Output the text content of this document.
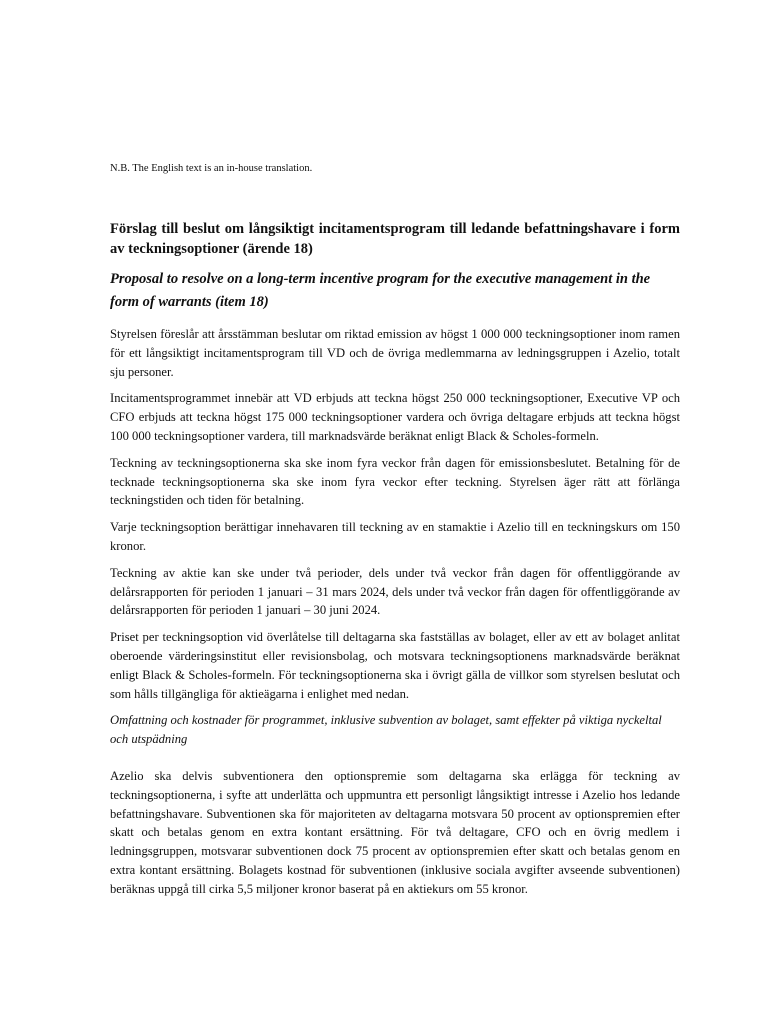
N.B. The English text is an in-house translation.

Förslag till beslut om långsiktigt incitamentsprogram till ledande befattningshavare i form av teckningsoptioner (ärende 18)

Proposal to resolve on a long-term incentive program for the executive management in the form of warrants (item 18)

Styrelsen föreslår att årsstämman beslutar om riktad emission av högst 1 000 000 teckningsoptioner inom ramen för ett långsiktigt incitamentsprogram till VD och de övriga medlemmarna av ledningsgruppen i Azelio, totalt sju personer.

Incitamentsprogrammet innebär att VD erbjuds att teckna högst 250 000 teckningsoptioner, Executive VP och CFO erbjuds att teckna högst 175 000 teckningsoptioner vardera och övriga deltagare erbjuds att teckna högst 100 000 teckningsoptioner vardera, till marknadsvärde beräknat enligt Black & Scholes-formeln.

Teckning av teckningsoptionerna ska ske inom fyra veckor från dagen för emissionsbeslutet. Betalning för de tecknade teckningsoptionerna ska ske inom fyra veckor efter teckning. Styrelsen äger rätt att förlänga teckningstiden och tiden för betalning.

Varje teckningsoption berättigar innehavaren till teckning av en stamaktie i Azelio till en teckningskurs om 150 kronor.

Teckning av aktie kan ske under två perioder, dels under två veckor från dagen för offentliggörande av delårsrapporten för perioden 1 januari – 31 mars 2024, dels under två veckor från dagen för offentliggörande av delårsrapporten för perioden 1 januari – 30 juni 2024.

Priset per teckningsoption vid överlåtelse till deltagarna ska fastställas av bolaget, eller av ett av bolaget anlitat oberoende värderingsinstitut eller revisionsbolag, och motsvara teckningsoptionens marknadsvärde beräknat enligt Black & Scholes-formeln. För teckningsoptionerna ska i övrigt gälla de villkor som styrelsen beslutat och som hålls tillgängliga för aktieägarna i enlighet med nedan.

Omfattning och kostnader för programmet, inklusive subvention av bolaget, samt effekter på viktiga nyckeltal och utspädning

Azelio ska delvis subventionera den optionspremie som deltagarna ska erlägga för teckning av teckningsoptionerna, i syfte att underlätta och uppmuntra ett personligt långsiktigt intresse i Azelio hos ledande befattningshavare. Subventionen ska för majoriteten av deltagarna motsvara 50 procent av optionspremien efter skatt och betalas genom en extra kontant ersättning. För två deltagare, CFO och en övrig medlem i ledningsgruppen, motsvarar subventionen dock 75 procent av optionspremien efter skatt och betalas genom en extra kontant ersättning. Bolagets kostnad för subventionen (inklusive sociala avgifter avseende subventionen) beräknas uppgå till cirka 5,5 miljoner kronor baserat på en aktiekurs om 55 kronor.
